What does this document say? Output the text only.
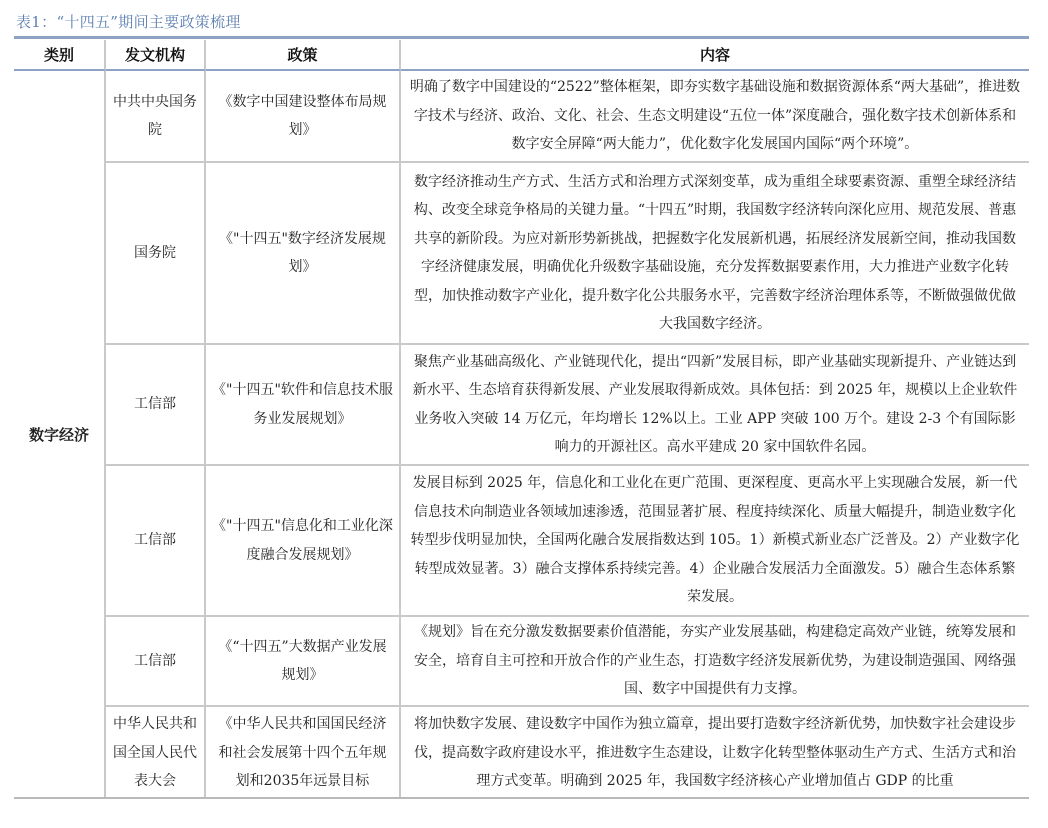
表1：“十四五”期间主要政策梳理
类别	发文机构	政策	内容
数字经济	中共中央国务院	《数字中国建设整体布局规划》	明确了数字中国建设的“2522”整体框架，即夯实数字基础设施和数据资源体系“两大基础”，推进数字技术与经济、政治、文化、社会、生态文明建设“五位一体”深度融合，强化数字技术创新体系和数字安全屏障“两大能力”，优化数字化发展国内国际“两个环境”。
	国务院	《"十四五"数字经济发展规划》	数字经济推动生产方式、生活方式和治理方式深刻变革，成为重组全球要素资源、重塑全球经济结构、改变全球竞争格局的关键力量。“十四五”时期，我国数字经济转向深化应用、规范发展、普惠共享的新阶段。为应对新形势新挑战，把握数字化发展新机遇，拓展经济发展新空间，推动我国数字经济健康发展，明确优化升级数字基础设施，充分发挥数据要素作用，大力推进产业数字化转型，加快推动数字产业化，提升数字化公共服务水平，完善数字经济治理体系等，不断做强做优做大我国数字经济。
	工信部	《"十四五"软件和信息技术服务业发展规划》	聚焦产业基础高级化、产业链现代化，提出“四新”发展目标，即产业基础实现新提升、产业链达到新水平、生态培育获得新发展、产业发展取得新成效。具体包括：到 2025 年，规模以上企业软件业务收入突破 14 万亿元，年均增长 12%以上。工业 APP 突破 100 万个。建设 2-3 个有国际影响力的开源社区。高水平建成 20 家中国软件名园。
	工信部	《"十四五"信息化和工业化深度融合发展规划》	发展目标到 2025 年，信息化和工业化在更广范围、更深程度、更高水平上实现融合发展，新一代信息技术向制造业各领域加速渗透，范围显著扩展、程度持续深化、质量大幅提升，制造业数字化转型步伐明显加快，全国两化融合发展指数达到 105。1）新模式新业态广泛普及。2）产业数字化转型成效显著。3）融合支撑体系持续完善。4）企业融合发展活力全面激发。5）融合生态体系繁荣发展。
	工信部	《“十四五”大数据产业发展规划》	《规划》旨在充分激发数据要素价值潜能，夯实产业发展基础，构建稳定高效产业链，统筹发展和安全，培育自主可控和开放合作的产业生态，打造数字经济发展新优势，为建设制造强国、网络强国、数字中国提供有力支撑。
	中华人民共和国全国人民代表大会	《中华人民共和国国民经济和社会发展第十四个五年规划和2035年远景目标	将加快数字发展、建设数字中国作为独立篇章，提出要打造数字经济新优势，加快数字社会建设步伐，提高数字政府建设水平，推进数字生态建设，让数字化转型整体驱动生产方式、生活方式和治理方式变革。明确到 2025 年，我国数字经济核心产业增加值占 GDP 的比重
